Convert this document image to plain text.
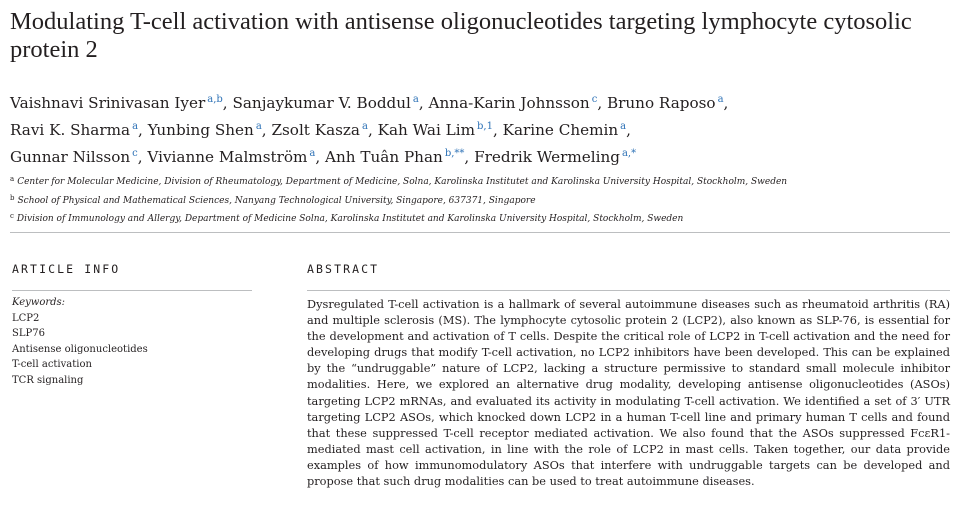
Modulating T-cell activation with antisense oligonucleotides targeting lymphocyte cytosolic protein 2
Vaishnavi Srinivasan Iyer $^{a,b}$, Sanjaykumar V. Boddul $^a$, Anna-Karin Johnsson $^c$, Bruno Raposo $^a$,
Ravi K. Sharma $^a$, Yunbing Shen $^a$, Zsolt Kasza $^a$, Kah Wai Lim $^{b,1}$, Karine Chemin $^a$,
Gunnar Nilsson $^c$, Vivianne Malmström $^a$, Anh Tuân Phan $^{b,**}$, Fredrik Wermeling $^{a,*}$
$^a$ Center for Molecular Medicine, Division of Rheumatology, Department of Medicine, Solna, Karolinska Institutet and Karolinska University Hospital, Stockholm, Sweden
$^b$ School of Physical and Mathematical Sciences, Nanyang Technological University, Singapore, 637371, Singapore
$^c$ Division of Immunology and Allergy, Department of Medicine Solna, Karolinska Institutet and Karolinska University Hospital, Stockholm, Sweden
ARTICLE INFO	ABSTRACT
Keywords:
LCP2
SLP76
Antisense oligonucleotides
T-cell activation
TCR signaling

Dysregulated T-cell activation is a hallmark of several autoimmune diseases such as rheumatoid arthritis (RA) and multiple sclerosis (MS). The lymphocyte cytosolic protein 2 (LCP2), also known as SLP-76, is essential for the development and activation of T cells. Despite the critical role of LCP2 in T-cell activation and the need for developing drugs that modify T-cell activation, no LCP2 inhibitors have been developed. This can be explained by the “undruggable” nature of LCP2, lacking a structure permissive to standard small molecule inhibitor modalities. Here, we explored an alternative drug modality, developing antisense oligonucleotides (ASOs) targeting LCP2 mRNAs, and evaluated its activity in modulating T-cell activation. We identified a set of 3′ UTR targeting LCP2 ASOs, which knocked down LCP2 in a human T-cell line and primary human T cells and found that these suppressed T-cell receptor mediated activation. We also found that the ASOs suppressed FcεR1-mediated mast cell activation, in line with the role of LCP2 in mast cells. Taken together, our data provide examples of how immunomodulatory ASOs that interfere with undruggable targets can be developed and propose that such drug modalities can be used to treat autoimmune diseases.
